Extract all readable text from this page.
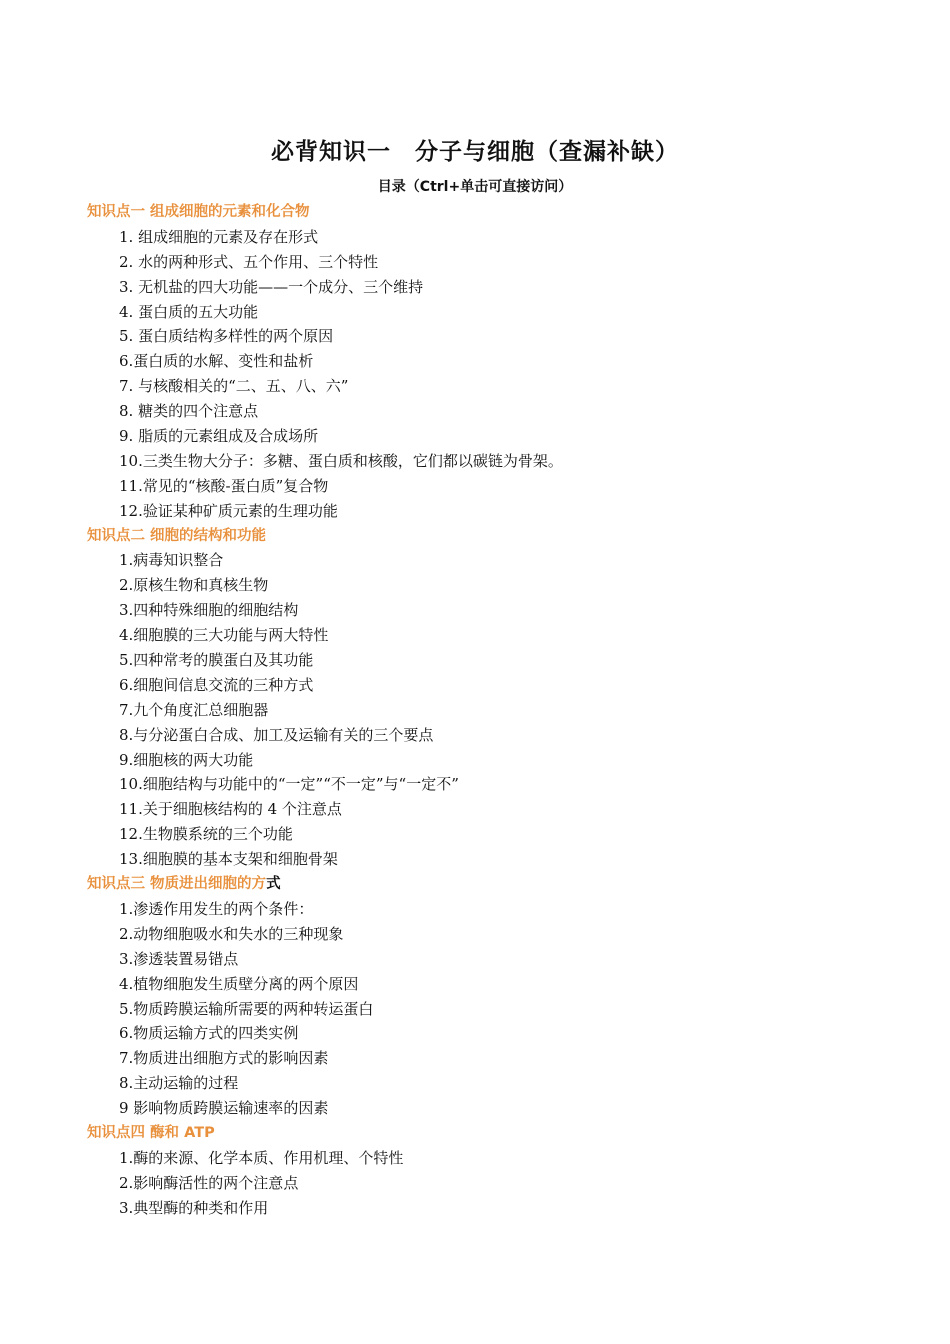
必背知识一　分子与细胞（查漏补缺）
目录（Ctrl+单击可直接访问）
知识点一 组成细胞的元素和化合物
1. 组成细胞的元素及存在形式
2. 水的两种形式、五个作用、三个特性
3. 无机盐的四大功能——一个成分、三个维持
4. 蛋白质的五大功能
5. 蛋白质结构多样性的两个原因
6.蛋白质的水解、变性和盐析
7. 与核酸相关的“二、五、八、六”
8. 糖类的四个注意点
9. 脂质的元素组成及合成场所
10.三类生物大分子：多糖、蛋白质和核酸，它们都以碳链为骨架。
11.常见的“核酸-蛋白质”复合物
12.验证某种矿质元素的生理功能
知识点二 细胞的结构和功能
1.病毒知识整合
2.原核生物和真核生物
3.四种特殊细胞的细胞结构
4.细胞膜的三大功能与两大特性
5.四种常考的膜蛋白及其功能
6.细胞间信息交流的三种方式
7.九个角度汇总细胞器
8.与分泌蛋白合成、加工及运输有关的三个要点
9.细胞核的两大功能
10.细胞结构与功能中的“一定”“不一定”与“一定不”
11.关于细胞核结构的 4 个注意点
12.生物膜系统的三个功能
13.细胞膜的基本支架和细胞骨架
知识点三 物质进出细胞的方式
1.渗透作用发生的两个条件：
2.动物细胞吸水和失水的三种现象
3.渗透装置易错点
4.植物细胞发生质壁分离的两个原因
5.物质跨膜运输所需要的两种转运蛋白
6.物质运输方式的四类实例
7.物质进出细胞方式的影响因素
8.主动运输的过程
9 影响物质跨膜运输速率的因素
知识点四 酶和 ATP
1.酶的来源、化学本质、作用机理、个特性
2.影响酶活性的两个注意点
3.典型酶的种类和作用
